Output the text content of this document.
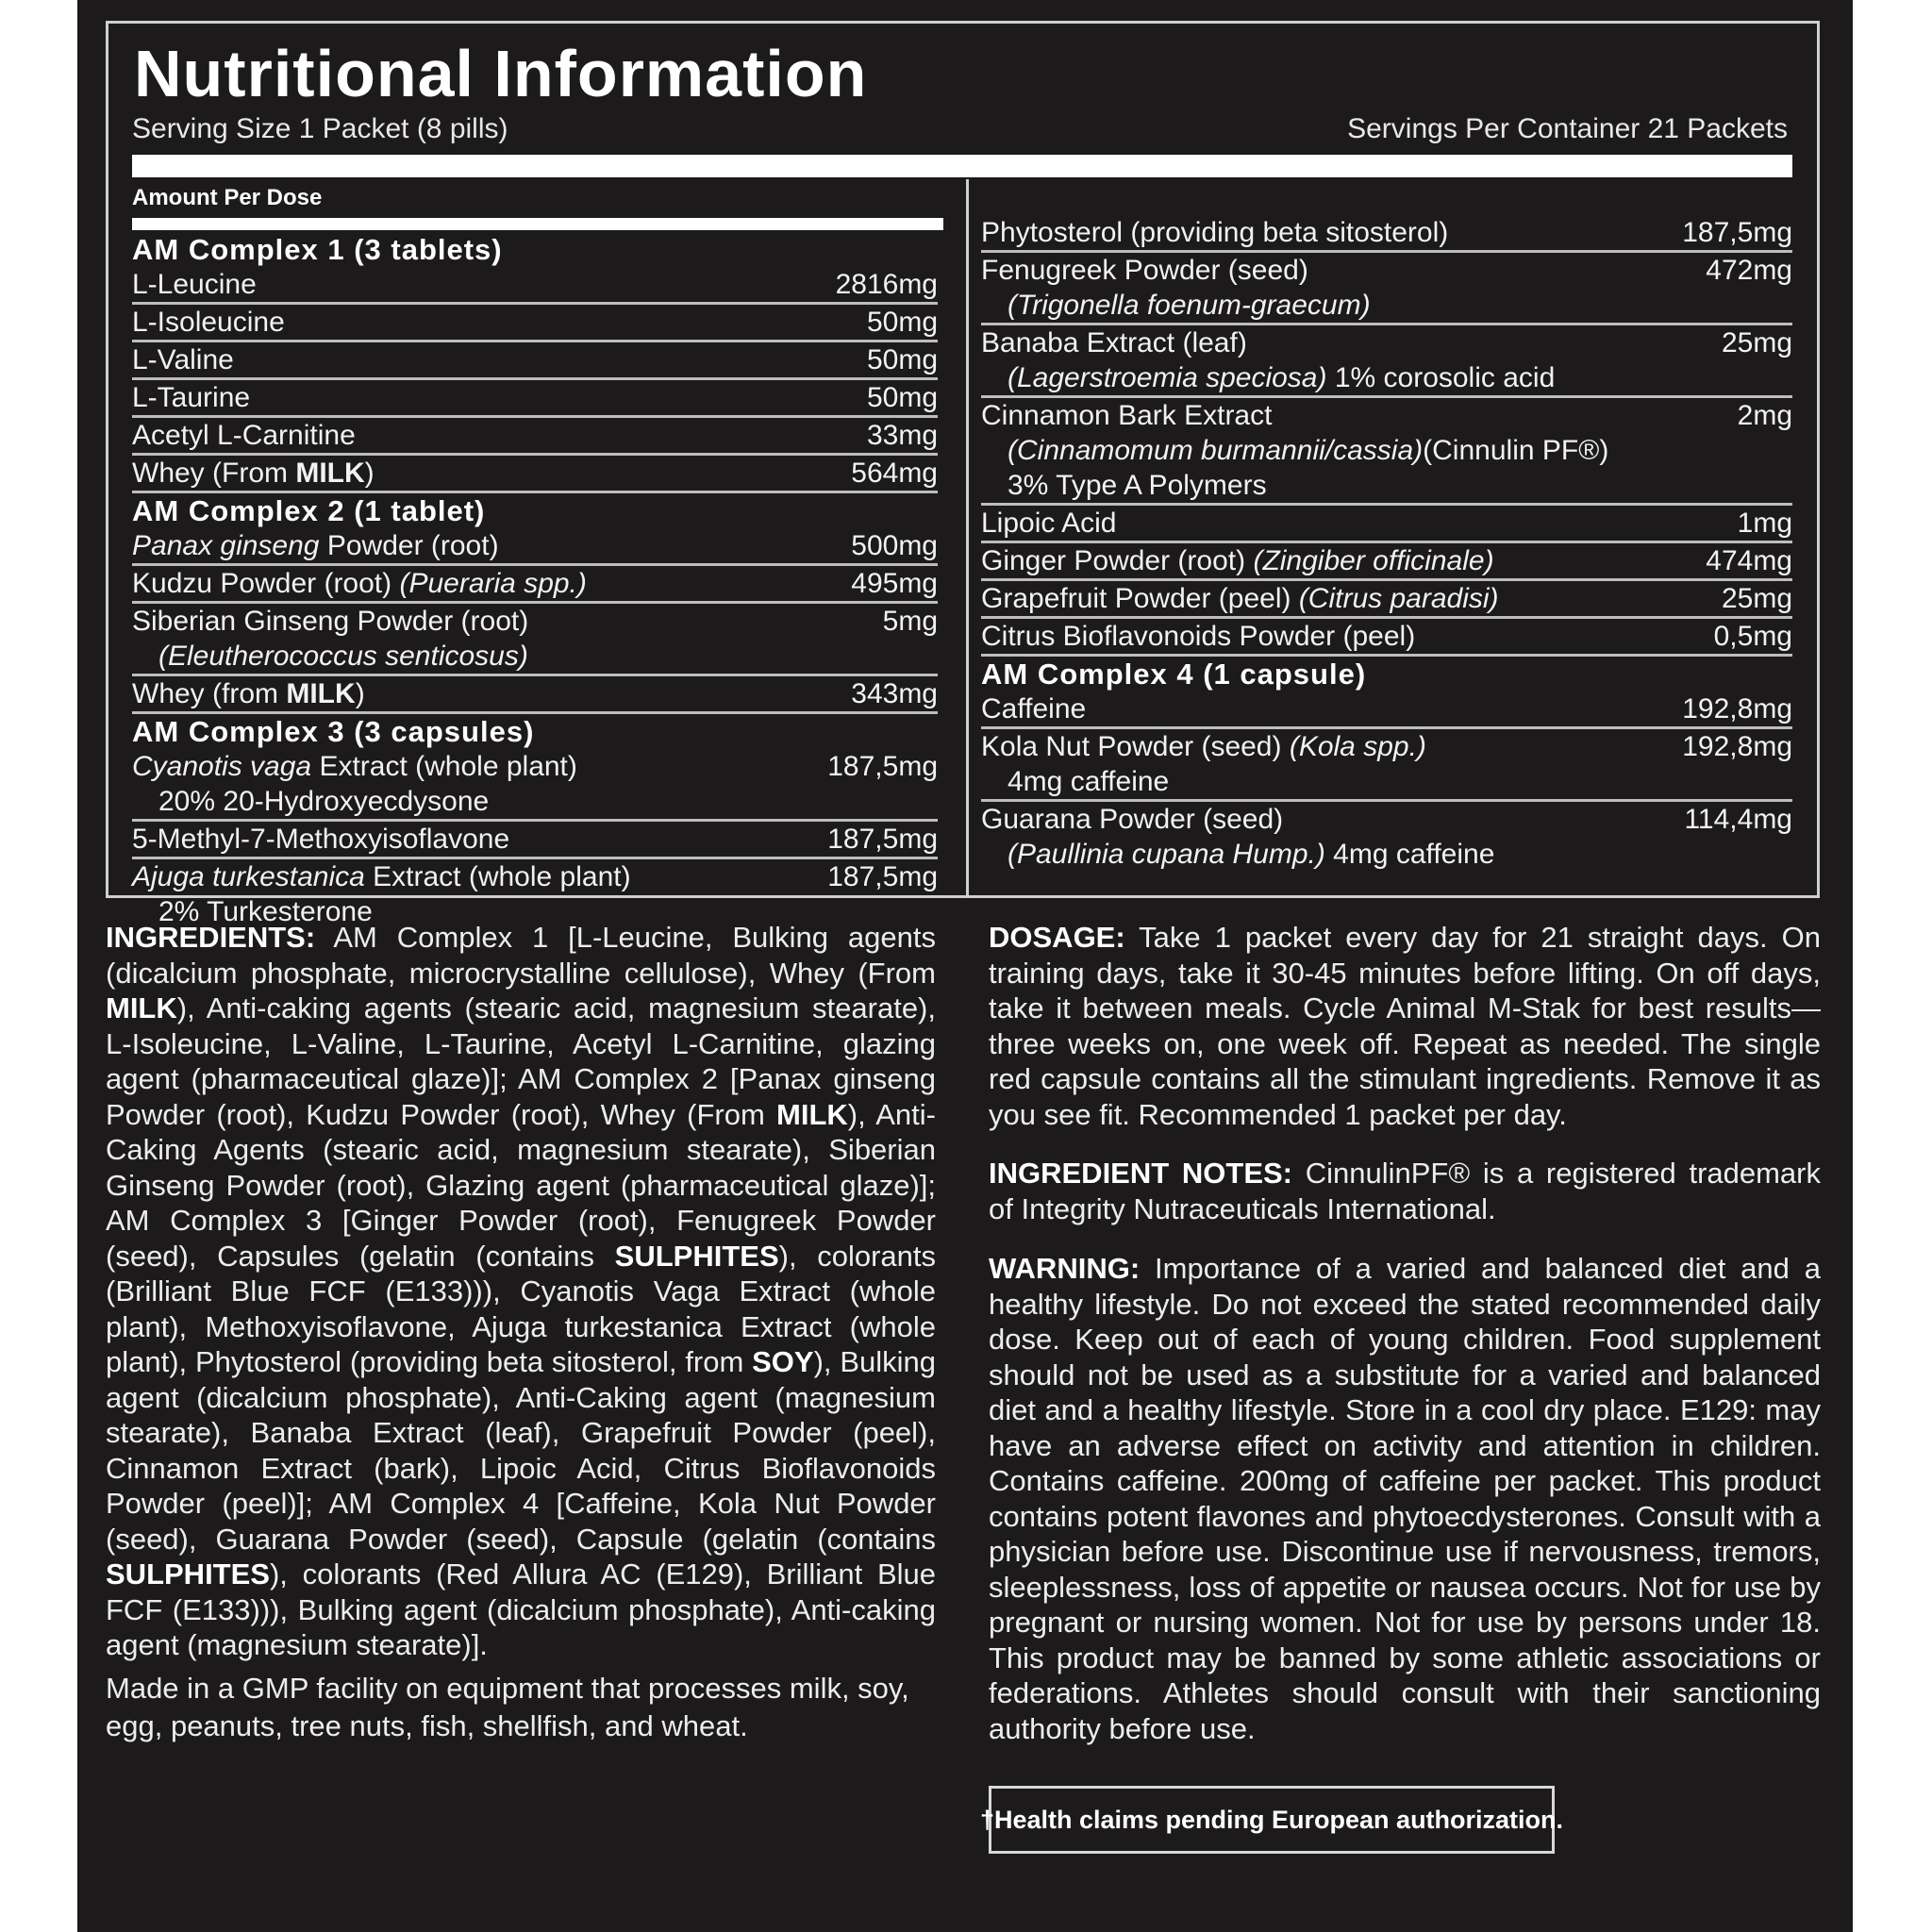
Nutritional Information
Serving Size 1 Packet (8 pills)	Servings Per Container 21 Packets
Amount Per Dose
AM Complex 1 (3 tablets)
L-Leucine	2816mg
L-Isoleucine	50mg
L-Valine	50mg
L-Taurine	50mg
Acetyl L-Carnitine	33mg
Whey (From MILK)	564mg
AM Complex 2 (1 tablet)
Panax ginseng Powder (root)	500mg
Kudzu Powder (root) (Pueraria spp.)	495mg
Siberian Ginseng Powder (root)	5mg
(Eleutherococcus senticosus)
Whey (from MILK)	343mg
AM Complex 3 (3 capsules)
Cyanotis vaga Extract (whole plant)	187,5mg
20% 20-Hydroxyecdysone
5-Methyl-7-Methoxyisoflavone	187,5mg
Ajuga turkestanica Extract (whole plant)	187,5mg
2% Turkesterone
Phytosterol (providing beta sitosterol)	187,5mg
Fenugreek Powder (seed)	472mg
(Trigonella foenum-graecum)
Banaba Extract (leaf)	25mg
(Lagerstroemia speciosa) 1% corosolic acid
Cinnamon Bark Extract	2mg
(Cinnamomum burmannii/cassia)(Cinnulin PF®)
3% Type A Polymers
Lipoic Acid	1mg
Ginger Powder (root) (Zingiber officinale)	474mg
Grapefruit Powder (peel) (Citrus paradisi)	25mg
Citrus Bioflavonoids Powder (peel)	0,5mg
AM Complex 4 (1 capsule)
Caffeine	192,8mg
Kola Nut Powder (seed) (Kola spp.)	192,8mg
4mg caffeine
Guarana Powder (seed)	114,4mg
(Paullinia cupana Hump.) 4mg caffeine
INGREDIENTS: AM Complex 1 [L-Leucine, Bulking agents (dicalcium phosphate, microcrystalline cellulose), Whey (From MILK), Anti-caking agents (stearic acid, magnesium stearate), L-Isoleucine, L-Valine, L-Taurine, Acetyl L-Carnitine, glazing agent (pharmaceutical glaze)]; AM Complex 2 [Panax ginseng Powder (root), Kudzu Powder (root), Whey (From MILK), Anti-Caking Agents (stearic acid, magnesium stearate), Siberian Ginseng Powder (root), Glazing agent (pharmaceutical glaze)]; AM Complex 3 [Ginger Powder (root), Fenugreek Powder (seed), Capsules (gelatin (contains SULPHITES), colorants (Brilliant Blue FCF (E133))), Cyanotis Vaga Extract (whole plant), Methoxyisoflavone, Ajuga turkestanica Extract (whole plant), Phytosterol (providing beta sitosterol, from SOY), Bulking agent (dicalcium phosphate), Anti-Caking agent (magnesium stearate), Banaba Extract (leaf), Grapefruit Powder (peel), Cinnamon Extract (bark), Lipoic Acid, Citrus Bioflavonoids Powder (peel)]; AM Complex 4 [Caffeine, Kola Nut Powder (seed), Guarana Powder (seed), Capsule (gelatin (contains SULPHITES), colorants (Red Allura AC (E129), Brilliant Blue FCF (E133))), Bulking agent (dicalcium phosphate), Anti-caking agent (magnesium stearate)].
Made in a GMP facility on equipment that processes milk, soy, egg, peanuts, tree nuts, fish, shellfish, and wheat.
DOSAGE: Take 1 packet every day for 21 straight days. On training days, take it 30-45 minutes before lifting. On off days, take it between meals. Cycle Animal M-Stak for best results—three weeks on, one week off. Repeat as needed. The single red capsule contains all the stimulant ingredients. Remove it as you see fit. Recommended 1 packet per day.
INGREDIENT NOTES: CinnulinPF® is a registered trademark of Integrity Nutraceuticals International.
WARNING: Importance of a varied and balanced diet and a healthy lifestyle. Do not exceed the stated recommended daily dose. Keep out of each of young children. Food supplement should not be used as a substitute for a varied and balanced diet and a healthy lifestyle. Store in a cool dry place. E129: may have an adverse effect on activity and attention in children. Contains caffeine. 200mg of caffeine per packet. This product contains potent flavones and phytoecdysterones. Consult with a physician before use. Discontinue use if nervousness, tremors, sleeplessness, loss of appetite or nausea occurs. Not for use by pregnant or nursing women. Not for use by persons under 18. This product may be banned by some athletic associations or federations. Athletes should consult with their sanctioning authority before use.
†Health claims pending European authorization.
